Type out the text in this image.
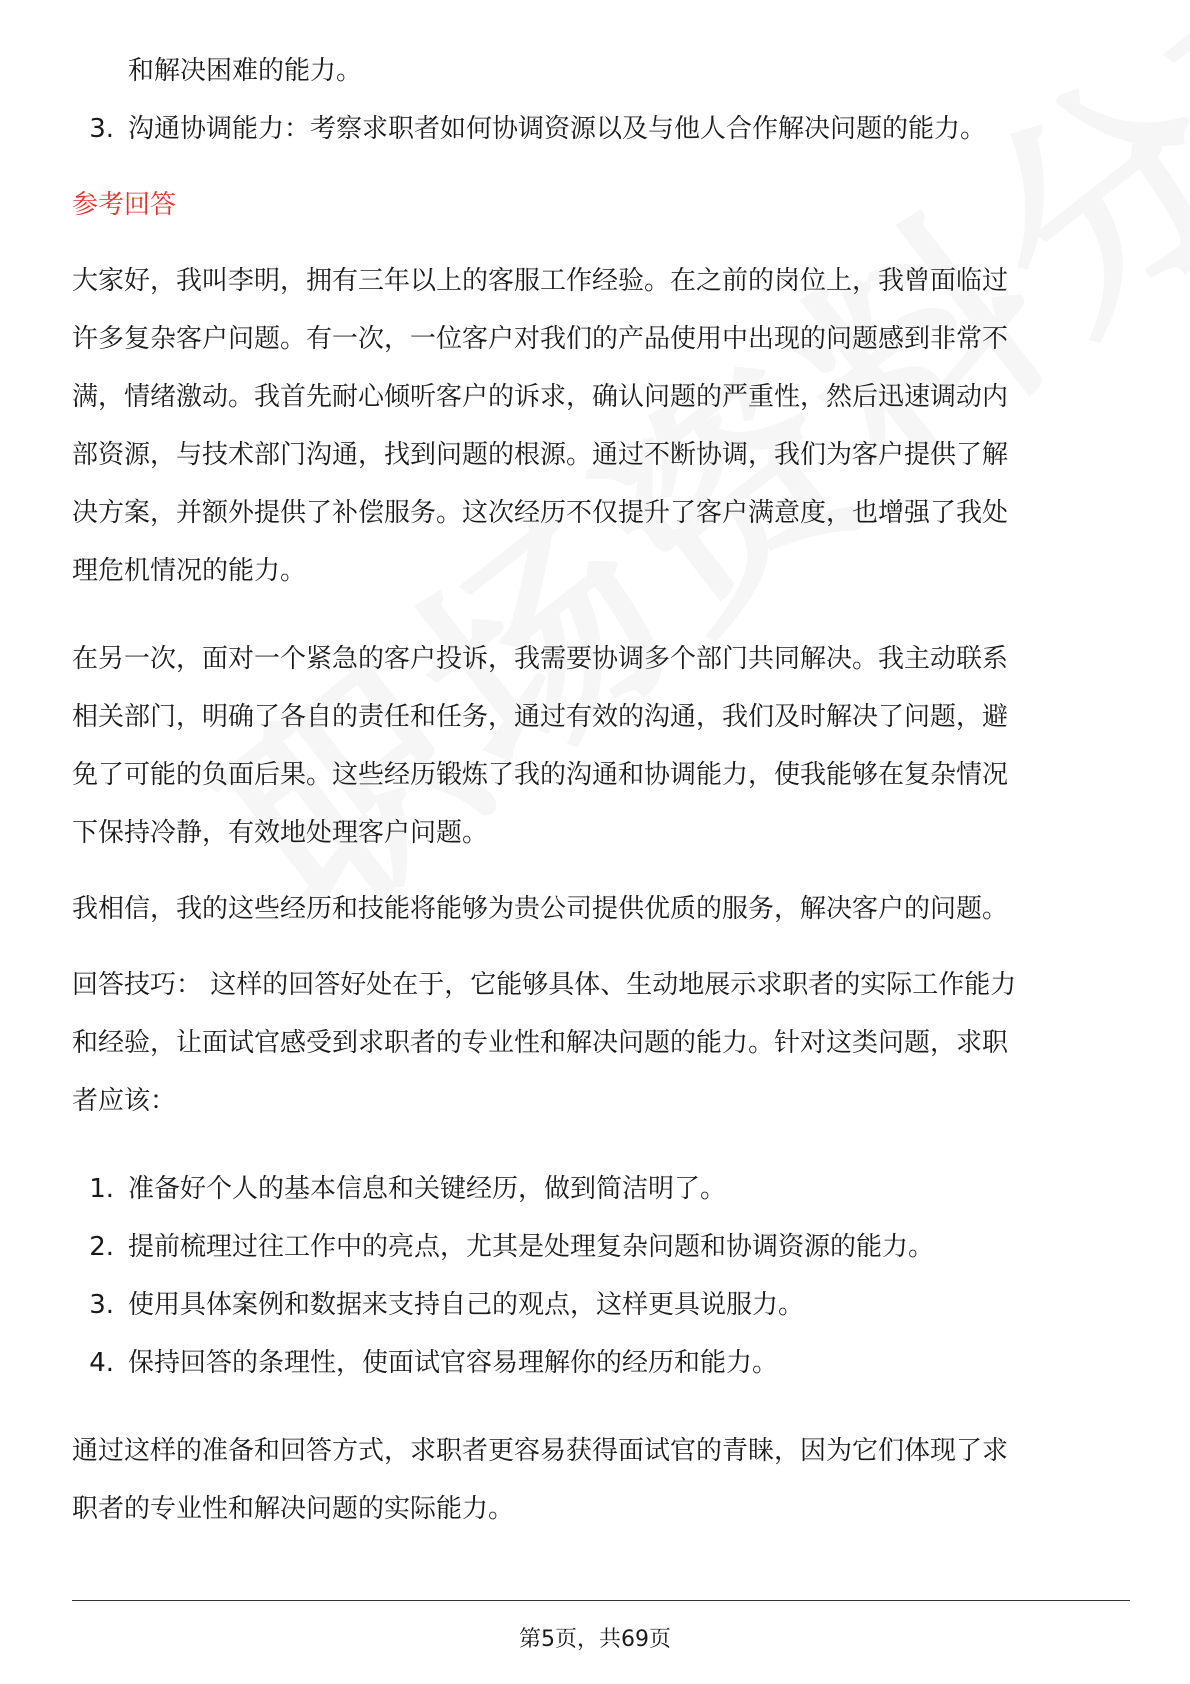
和解决困难的能力。

3. 沟通协调能力：考察求职者如何协调资源以及与他人合作解决问题的能力。

参考回答

大家好，我叫李明，拥有三年以上的客服工作经验。在之前的岗位上，我曾面临过

许多复杂客户问题。有一次，一位客户对我们的产品使用中出现的问题感到非常不

满，情绪激动。我首先耐心倾听客户的诉求，确认问题的严重性，然后迅速调动内

部资源，与技术部门沟通，找到问题的根源。通过不断协调，我们为客户提供了解

决方案，并额外提供了补偿服务。这次经历不仅提升了客户满意度，也增强了我处

理危机情况的能力。

在另一次，面对一个紧急的客户投诉，我需要协调多个部门共同解决。我主动联系

相关部门，明确了各自的责任和任务，通过有效的沟通，我们及时解决了问题，避

免了可能的负面后果。这些经历锻炼了我的沟通和协调能力，使我能够在复杂情况

下保持冷静，有效地处理客户问题。

我相信，我的这些经历和技能将能够为贵公司提供优质的服务，解决客户的问题。

回答技巧： 这样的回答好处在于，它能够具体、生动地展示求职者的实际工作能力

和经验，让面试官感受到求职者的专业性和解决问题的能力。针对这类问题，求职

者应该：

1. 准备好个人的基本信息和关键经历，做到简洁明了。
2. 提前梳理过往工作中的亮点，尤其是处理复杂问题和协调资源的能力。
3. 使用具体案例和数据来支持自己的观点，这样更具说服力。
4. 保持回答的条理性，使面试官容易理解你的经历和能力。

通过这样的准备和回答方式，求职者更容易获得面试官的青睐，因为它们体现了求

职者的专业性和解决问题的实际能力。

第5页，共69页
